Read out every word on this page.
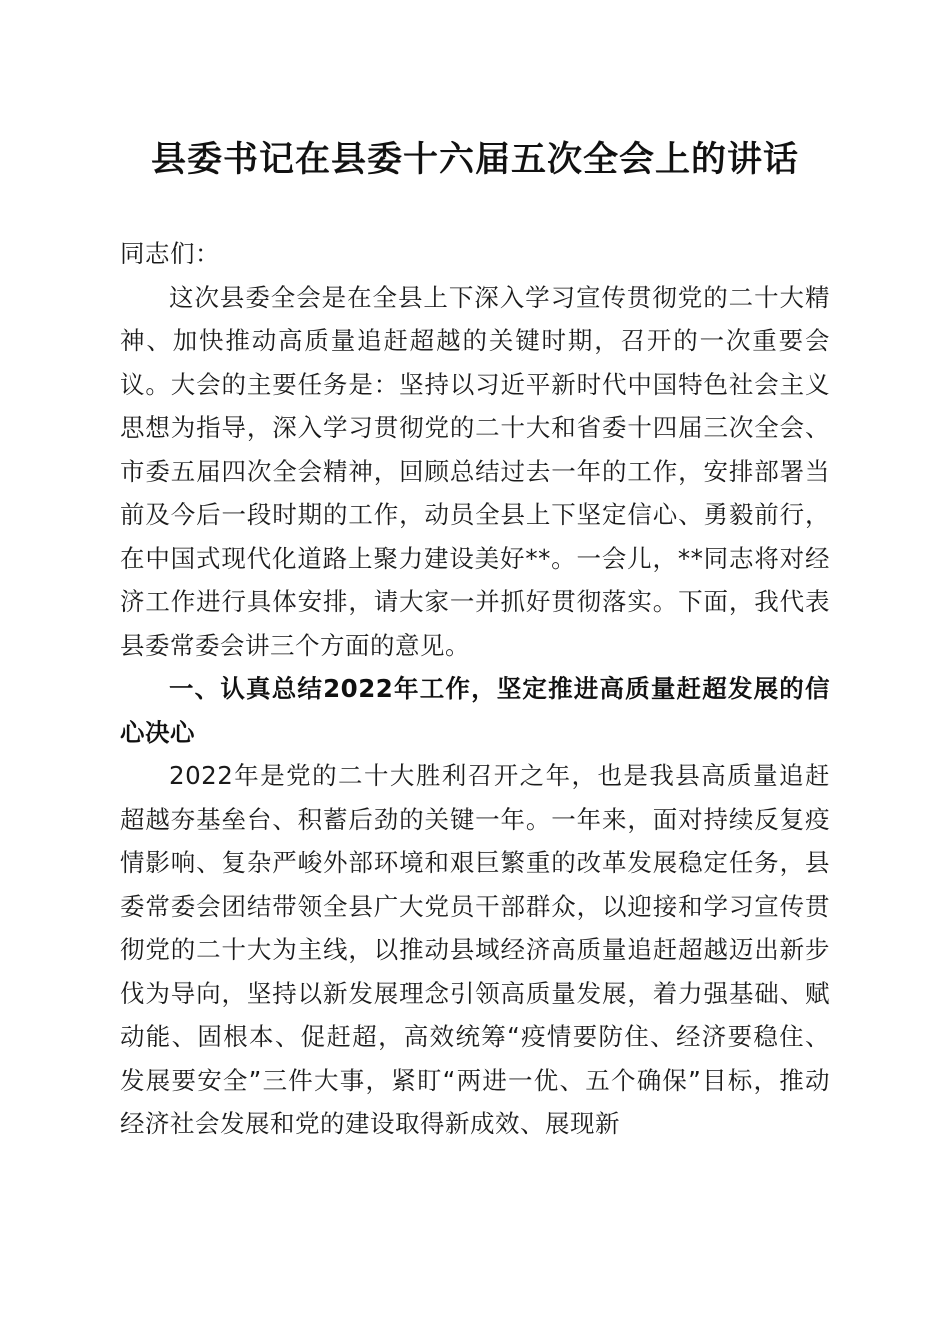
县委书记在县委十六届五次全会上的讲话

同志们：

这次县委全会是在全县上下深入学习宣传贯彻党的二十大精神、加快推动高质量追赶超越的关键时期，召开的一次重要会议。大会的主要任务是：坚持以习近平新时代中国特色社会主义思想为指导，深入学习贯彻党的二十大和省委十四届三次全会、市委五届四次全会精神，回顾总结过去一年的工作，安排部署当前及今后一段时期的工作，动员全县上下坚定信心、勇毅前行，在中国式现代化道路上聚力建设美好**。一会儿，**同志将对经济工作进行具体安排，请大家一并抓好贯彻落实。下面，我代表县委常委会讲三个方面的意见。

一、认真总结2022年工作，坚定推进高质量赶超发展的信心决心

2022年是党的二十大胜利召开之年，也是我县高质量追赶超越夯基垒台、积蓄后劲的关键一年。一年来，面对持续反复疫情影响、复杂严峻外部环境和艰巨繁重的改革发展稳定任务，县委常委会团结带领全县广大党员干部群众，以迎接和学习宣传贯彻党的二十大为主线，以推动县域经济高质量追赶超越迈出新步伐为导向，坚持以新发展理念引领高质量发展，着力强基础、赋动能、固根本、促赶超，高效统筹“疫情要防住、经济要稳住、发展要安全”三件大事，紧盯“两进一优、五个确保”目标，推动经济社会发展和党的建设取得新成效、展现新
